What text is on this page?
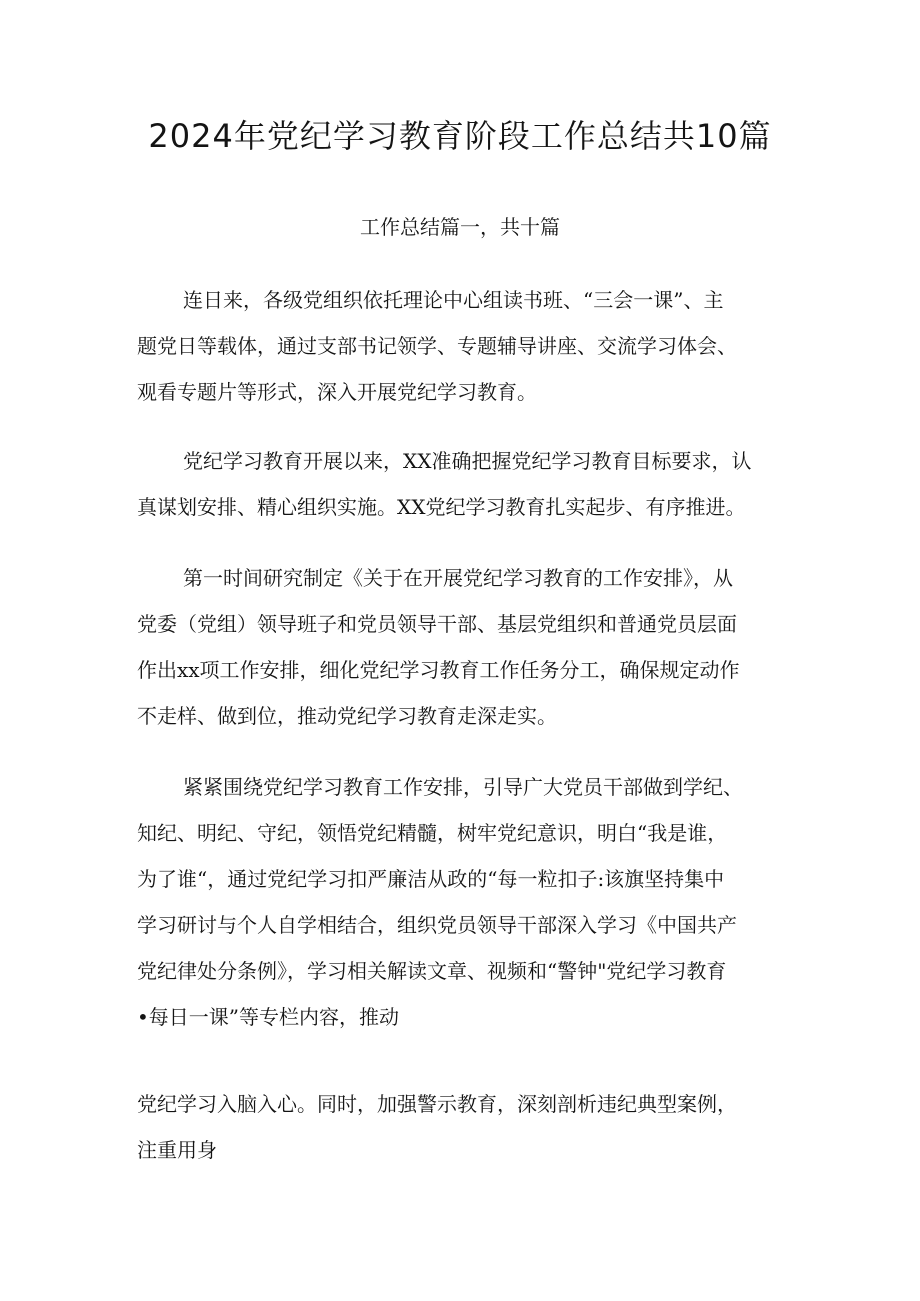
2024年党纪学习教育阶段工作总结共10篇
工作总结篇一，共十篇
连日来，各级党组织依托理论中心组读书班、“三会一课”、主
题党日等载体，通过支部书记领学、专题辅导讲座、交流学习体会、
观看专题片等形式，深入开展党纪学习教育。
党纪学习教育开展以来，XX准确把握党纪学习教育目标要求，认
真谋划安排、精心组织实施。XX党纪学习教育扎实起步、有序推进。
第一时间研究制定《关于在开展党纪学习教育的工作安排》，从
党委（党组）领导班子和党员领导干部、基层党组织和普通党员层面
作出xx项工作安排，细化党纪学习教育工作任务分工，确保规定动作
不走样、做到位，推动党纪学习教育走深走实。
紧紧围绕党纪学习教育工作安排，引导广大党员干部做到学纪、
知纪、明纪、守纪，领悟党纪精髓，树牢党纪意识，明白“我是谁，
为了谁“，通过党纪学习扣严廉洁从政的“每一粒扣子:该旗坚持集中
学习研讨与个人自学相结合，组织党员领导干部深入学习《中国共产
党纪律处分条例》，学习相关解读文章、视频和“警钟"党纪学习教育
•每日一课”等专栏内容，推动
党纪学习入脑入心。同时，加强警示教育，深刻剖析违纪典型案例，
注重用身
